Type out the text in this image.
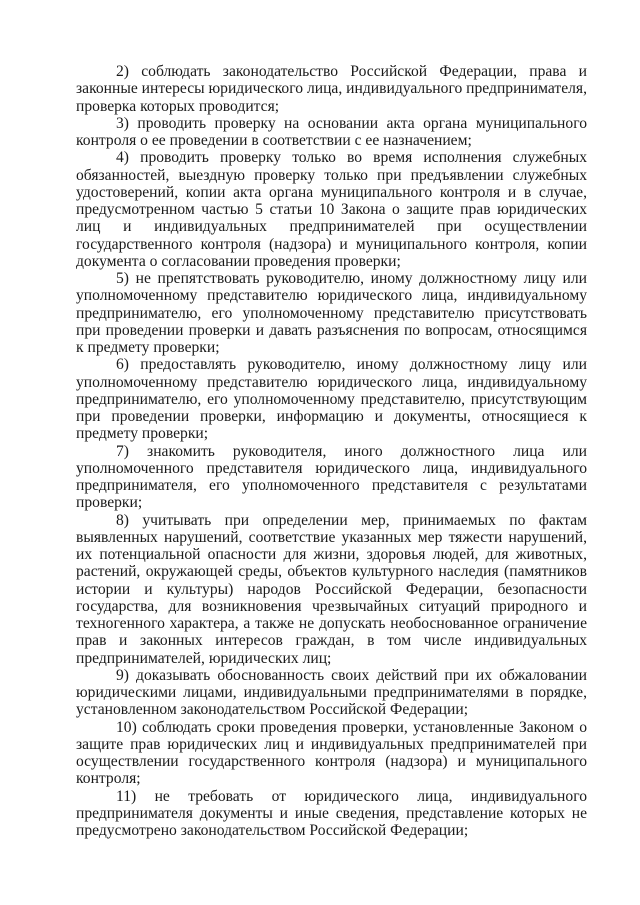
2) соблюдать законодательство Российской Федерации, права и законные интересы юридического лица, индивидуального предпринимателя, проверка которых проводится;

3) проводить проверку на основании акта органа муниципального контроля о ее проведении в соответствии с ее назначением;

4) проводить проверку только во время исполнения служебных обязанностей, выездную проверку только при предъявлении служебных удостоверений, копии акта органа муниципального контроля и в случае, предусмотренном частью 5 статьи 10 Закона о защите прав юридических лиц и индивидуальных предпринимателей при осуществлении государственного контроля (надзора) и муниципального контроля, копии документа о согласовании проведения проверки;

5) не препятствовать руководителю, иному должностному лицу или уполномоченному представителю юридического лица, индивидуальному предпринимателю, его уполномоченному представителю присутствовать при проведении проверки и давать разъяснения по вопросам, относящимся к предмету проверки;

6) предоставлять руководителю, иному должностному лицу или уполномоченному представителю юридического лица, индивидуальному предпринимателю, его уполномоченному представителю, присутствующим при проведении проверки, информацию и документы, относящиеся к предмету проверки;

7) знакомить руководителя, иного должностного лица или уполномоченного представителя юридического лица, индивидуального предпринимателя, его уполномоченного представителя с результатами проверки;

8) учитывать при определении мер, принимаемых по фактам выявленных нарушений, соответствие указанных мер тяжести нарушений, их потенциальной опасности для жизни, здоровья людей, для животных, растений, окружающей среды, объектов культурного наследия (памятников истории и культуры) народов Российской Федерации, безопасности государства, для возникновения чрезвычайных ситуаций природного и техногенного характера, а также не допускать необоснованное ограничение прав и законных интересов граждан, в том числе индивидуальных предпринимателей, юридических лиц;

9) доказывать обоснованность своих действий при их обжаловании юридическими лицами, индивидуальными предпринимателями в порядке, установленном законодательством Российской Федерации;

10) соблюдать сроки проведения проверки, установленные Законом о защите прав юридических лиц и индивидуальных предпринимателей при осуществлении государственного контроля (надзора) и муниципального контроля;

11) не требовать от юридического лица, индивидуального предпринимателя документы и иные сведения, представление которых не предусмотрено законодательством Российской Федерации;
